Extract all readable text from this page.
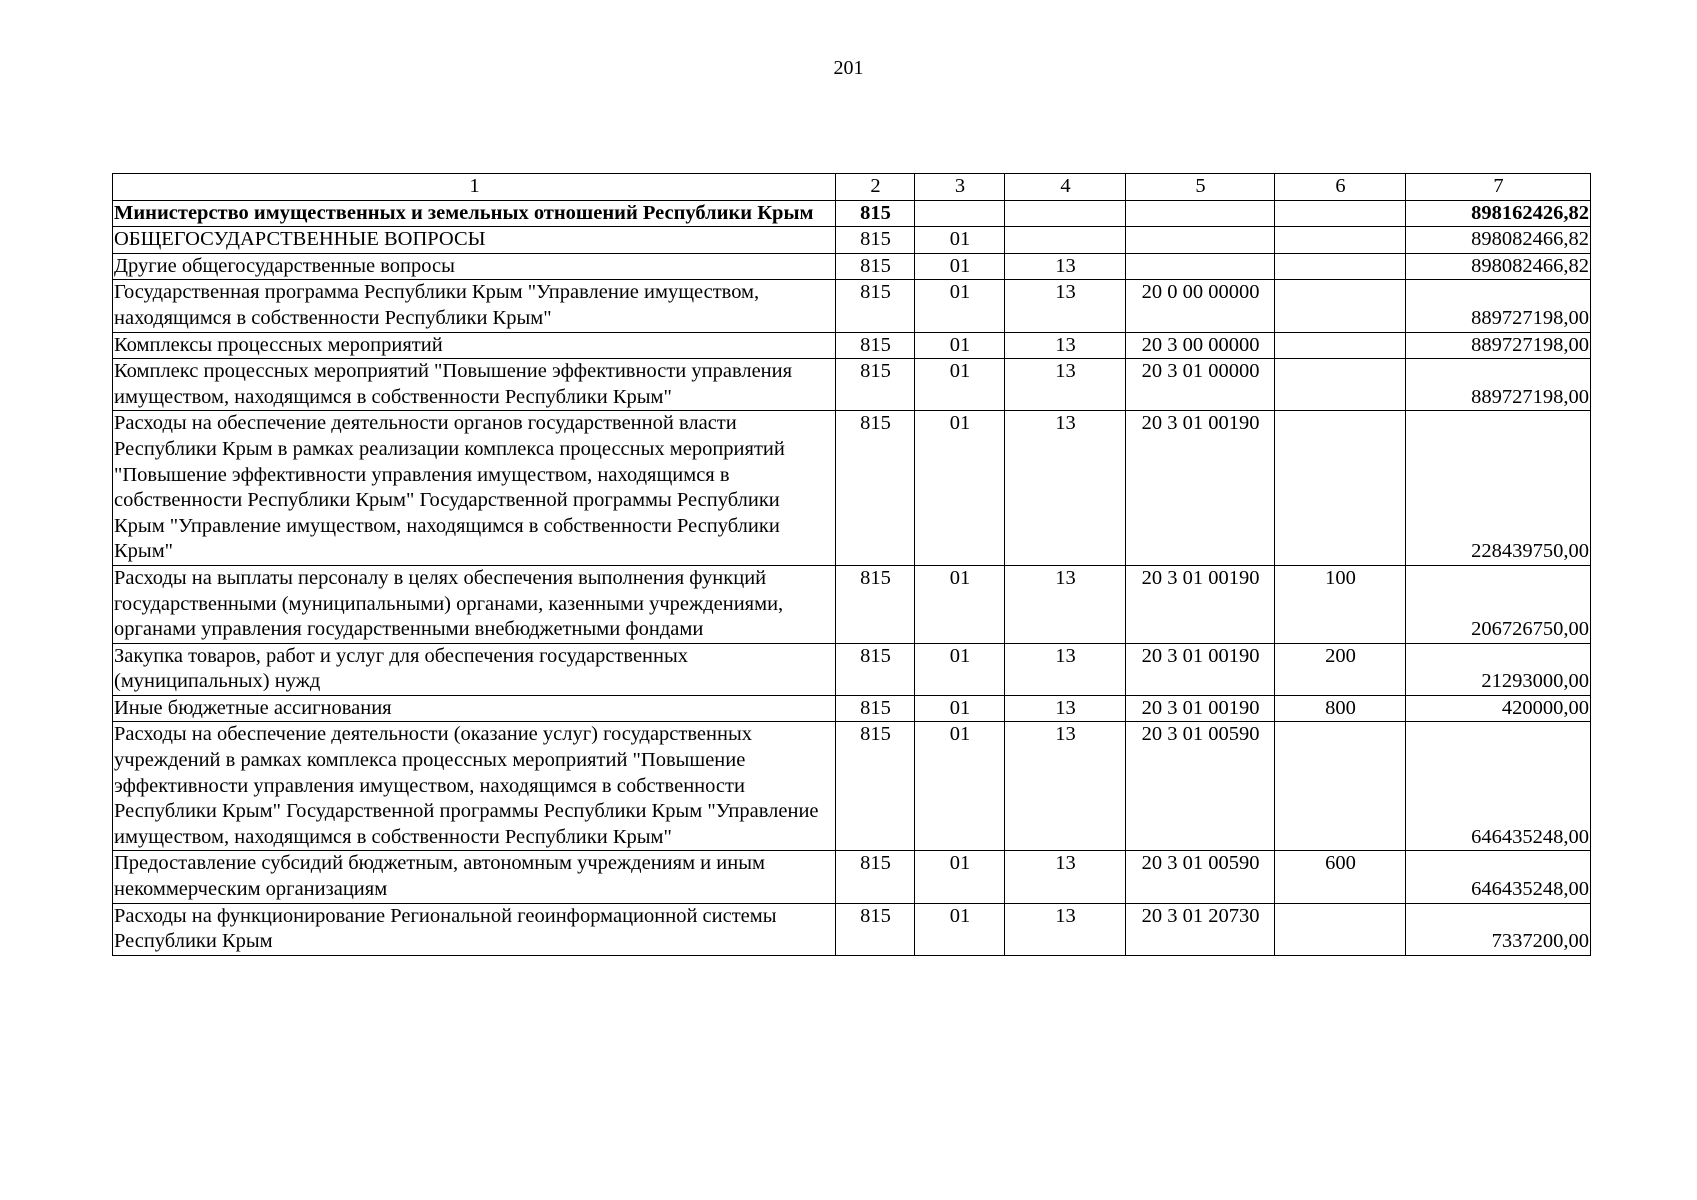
201
1	2	3	4	5	6	7
Министерство имущественных и земельных отношений Республики Крым	815					898162426,82
ОБЩЕГОСУДАРСТВЕННЫЕ ВОПРОСЫ	815	01				898082466,82
Другие общегосударственные вопросы	815	01	13			898082466,82
Государственная программа Республики Крым "Управление имуществом, находящимся в собственности Республики Крым"	815	01	13	20 0 00 00000		889727198,00
Комплексы процессных мероприятий	815	01	13	20 3 00 00000		889727198,00
Комплекс процессных мероприятий "Повышение эффективности управления имуществом, находящимся в собственности Республики Крым"	815	01	13	20 3 01 00000		889727198,00
Расходы на обеспечение деятельности органов государственной власти Республики Крым в рамках реализации комплекса процессных мероприятий "Повышение эффективности управления имуществом, находящимся в собственности Республики Крым" Государственной программы Республики Крым "Управление имуществом, находящимся в собственности Республики Крым"	815	01	13	20 3 01 00190		228439750,00
Расходы на выплаты персоналу в целях обеспечения выполнения функций государственными (муниципальными) органами, казенными учреждениями, органами управления государственными внебюджетными фондами	815	01	13	20 3 01 00190	100	206726750,00
Закупка товаров, работ и услуг для обеспечения государственных (муниципальных) нужд	815	01	13	20 3 01 00190	200	21293000,00
Иные бюджетные ассигнования	815	01	13	20 3 01 00190	800	420000,00
Расходы на обеспечение деятельности (оказание услуг) государственных учреждений в рамках комплекса процессных мероприятий "Повышение эффективности управления имуществом, находящимся в собственности Республики Крым" Государственной программы Республики Крым "Управление имуществом, находящимся в собственности Республики Крым"	815	01	13	20 3 01 00590		646435248,00
Предоставление субсидий бюджетным, автономным учреждениям и иным некоммерческим организациям	815	01	13	20 3 01 00590	600	646435248,00
Расходы на функционирование Региональной геоинформационной системы Республики Крым	815	01	13	20 3 01 20730		7337200,00
